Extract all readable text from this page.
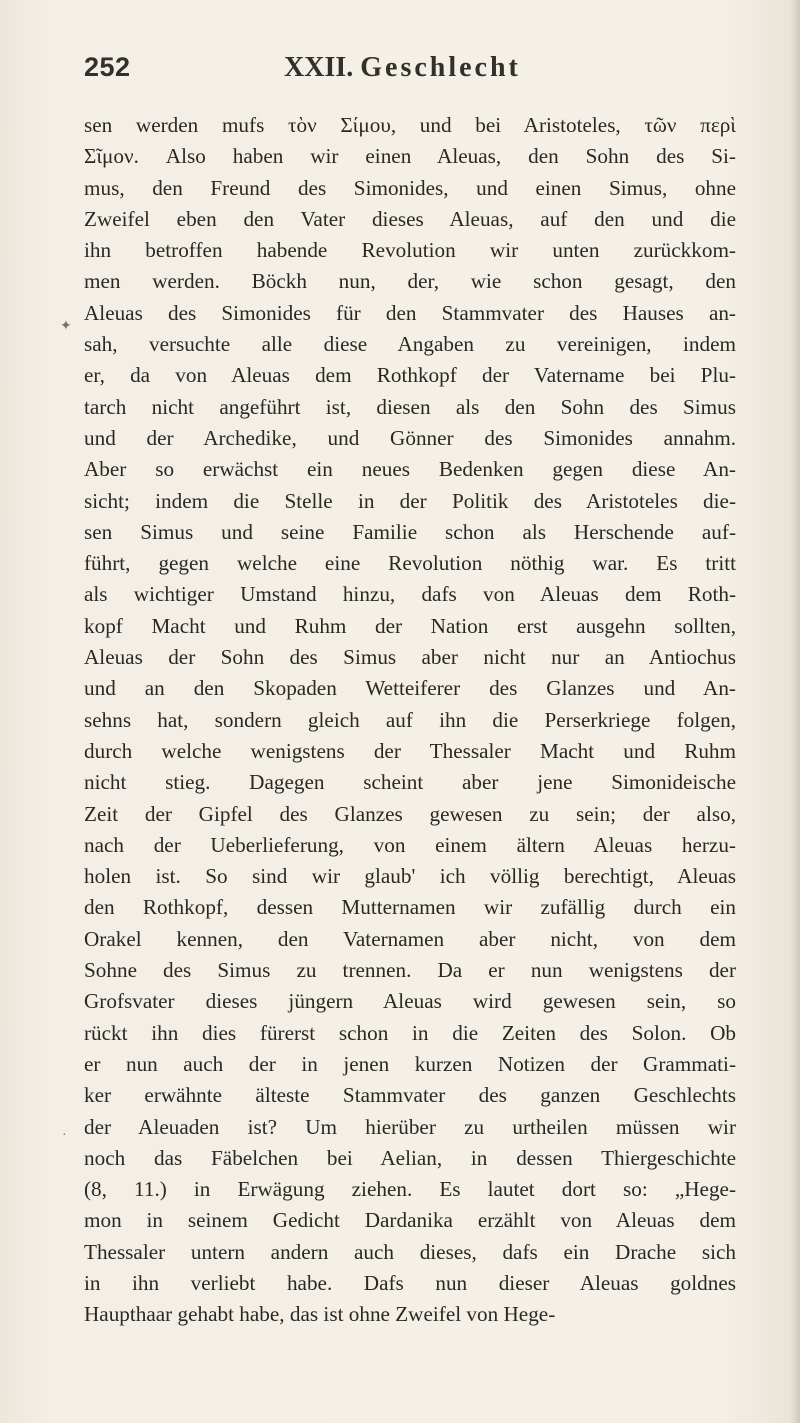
252	XXII. Geschlecht
sen werden mufs τὸν Σίμου, und bei Aristoteles, τῶν περὶ
Σῖμον. Also haben wir einen Aleuas, den Sohn des Si-
mus, den Freund des Simonides, und einen Simus, ohne
Zweifel eben den Vater dieses Aleuas, auf den und die
ihn betroffen habende Revolution wir unten zurückkom-
men werden. Böckh nun, der, wie schon gesagt, den
Aleuas des Simonides für den Stammvater des Hauses an-
sah, versuchte alle diese Angaben zu vereinigen, indem
er, da von Aleuas dem Rothkopf der Vatername bei Plu-
tarch nicht angeführt ist, diesen als den Sohn des Simus
und der Archedike, und Gönner des Simonides annahm.
Aber so erwächst ein neues Bedenken gegen diese An-
sicht; indem die Stelle in der Politik des Aristoteles die-
sen Simus und seine Familie schon als Herschende auf-
führt, gegen welche eine Revolution nöthig war. Es tritt
als wichtiger Umstand hinzu, dafs von Aleuas dem Roth-
kopf Macht und Ruhm der Nation erst ausgehn sollten,
Aleuas der Sohn des Simus aber nicht nur an Antiochus
und an den Skopaden Wetteiferer des Glanzes und An-
sehns hat, sondern gleich auf ihn die Perserkriege folgen,
durch welche wenigstens der Thessaler Macht und Ruhm
nicht stieg. Dagegen scheint aber jene Simonideische
Zeit der Gipfel des Glanzes gewesen zu sein; der also,
nach der Ueberlieferung, von einem ältern Aleuas herzu-
holen ist. So sind wir glaub' ich völlig berechtigt, Aleuas
den Rothkopf, dessen Mutternamen wir zufällig durch ein
Orakel kennen, den Vaternamen aber nicht, von dem
Sohne des Simus zu trennen. Da er nun wenigstens der
Grofsvater dieses jüngern Aleuas wird gewesen sein, so
rückt ihn dies fürerst schon in die Zeiten des Solon. Ob
er nun auch der in jenen kurzen Notizen der Grammati-
ker erwähnte älteste Stammvater des ganzen Geschlechts
der Aleuaden ist? Um hierüber zu urtheilen müssen wir
noch das Fäbelchen bei Aelian, in dessen Thiergeschichte
(8, 11.) in Erwägung ziehen. Es lautet dort so: „Hege-
mon in seinem Gedicht Dardanika erzählt von Aleuas dem
Thessaler untern andern auch dieses, dafs ein Drache sich
in ihn verliebt habe. Dafs nun dieser Aleuas goldnes
Haupthaar gehabt habe, das ist ohne Zweifel von Hege-
✦
·
